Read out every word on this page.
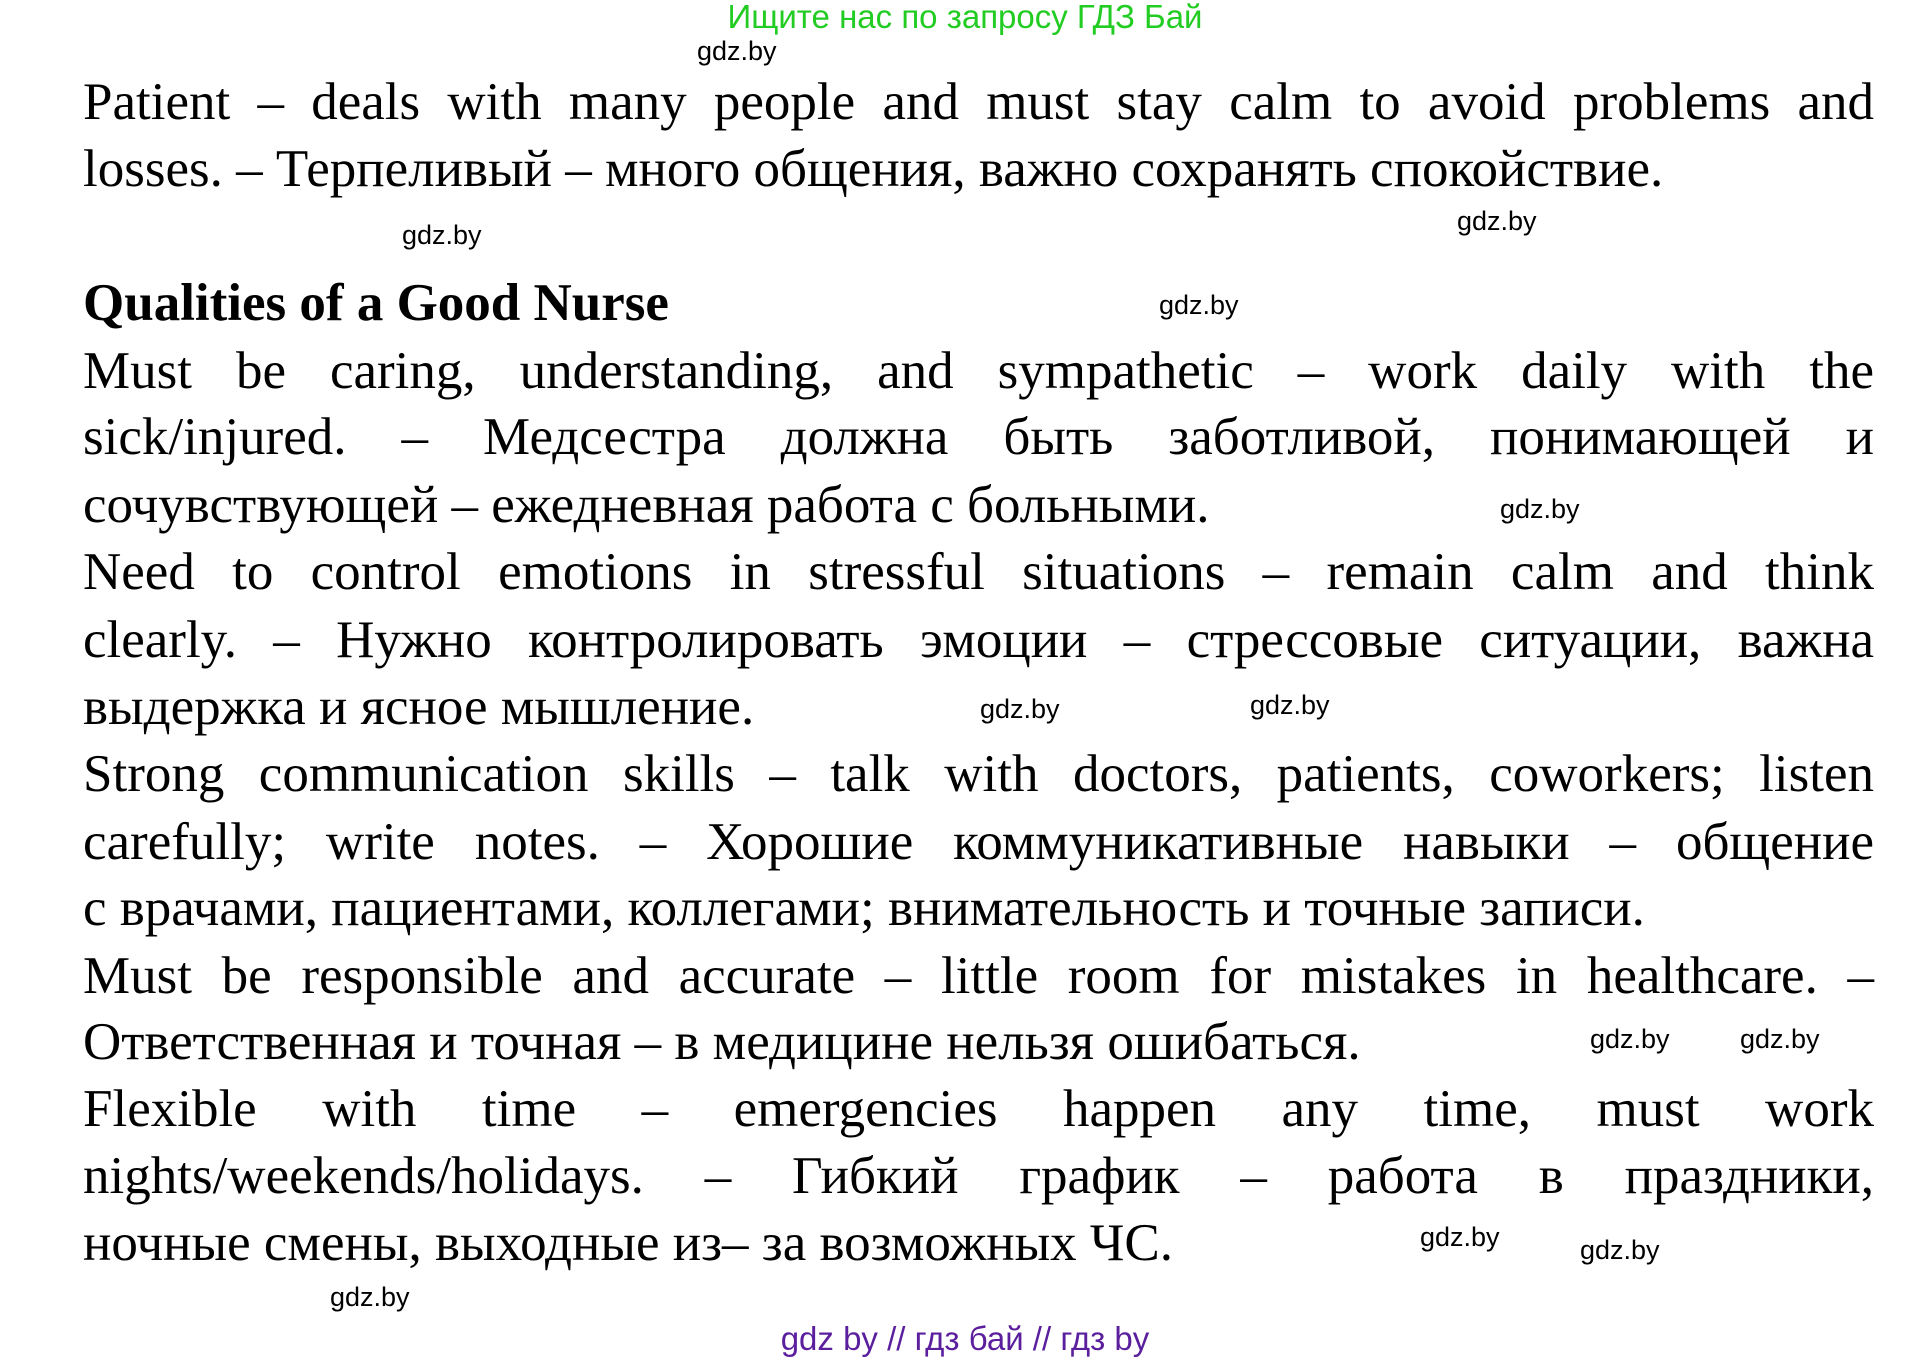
Ищите нас по запросу ГДЗ Бай
Patient – deals with many people and must stay calm to avoid problems and
losses. – Терпеливый – много общения, важно сохранять спокойствие.
Qualities of a Good Nurse
Must be caring, understanding, and sympathetic – work daily with the
sick/injured. – Медсестра должна быть заботливой, понимающей и
сочувствующей – ежедневная работа с больными.
Need to control emotions in stressful situations – remain calm and think
clearly. – Нужно контролировать эмоции – стрессовые ситуации, важна
выдержка и ясное мышление.
Strong communication skills – talk with doctors, patients, coworkers; listen
carefully; write notes. – Хорошие коммуникативные навыки – общение
с врачами, пациентами, коллегами; внимательность и точные записи.
Must be responsible and accurate – little room for mistakes in healthcare. –
Ответственная и точная – в медицине нельзя ошибаться.
Flexible with time – emergencies happen any time, must work
nights/weekends/holidays. – Гибкий график – работа в праздники,
ночные смены, выходные из– за возможных ЧС.
gdz.by
gdz.by
gdz.by
gdz.by
gdz.by
gdz.by
gdz.by
gdz.by
gdz.by	gdz.by
gdz.by
gdz.by
gdz by // гдз бай // гдз by
